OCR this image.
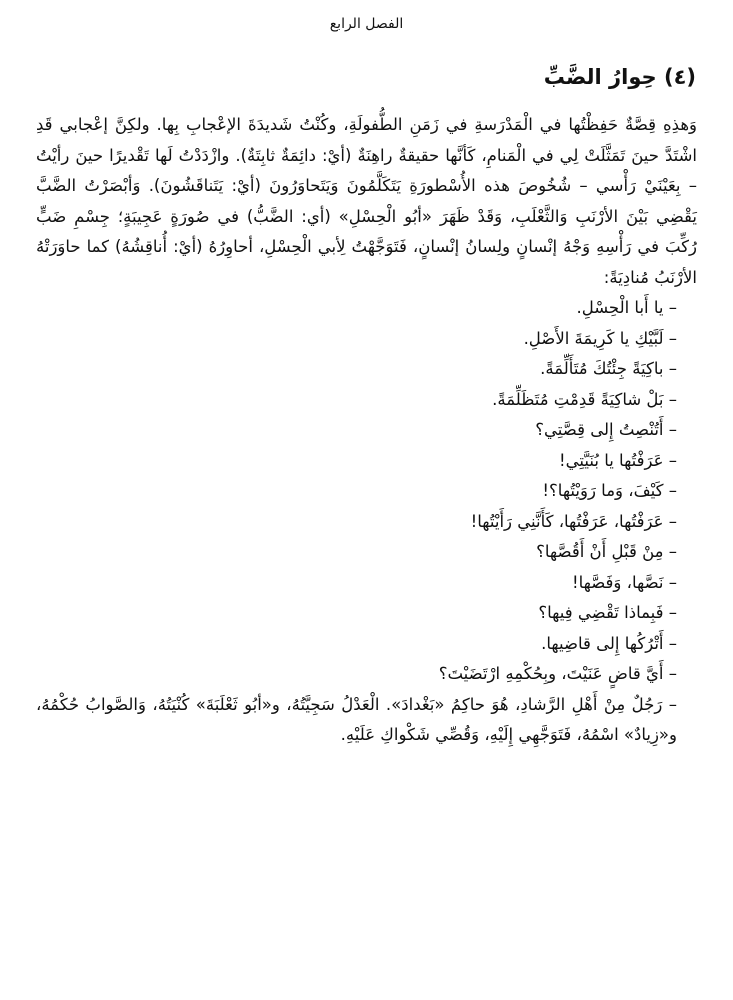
الفصل الرابع
(٤) حِوارُ الضَّبِّ

وَهذِهِ قِصَّةٌ حَفِظْتُها في الْمَدْرَسةِ في زَمَنِ الطُّفولَةِ، وكُنْتُ شَديدَةَ الإعْجابِ بِها. ولكِنَّ إعْجابي قَدِ اشْتَدَّ حينَ تَمَثَّلَتْ لِي في الْمَنامِ، كَأنَّها حقيقةٌ راهِنَةٌ (أيْ: دائِمَةٌ ثابِتَةٌ). وازْدَدْتُ لَها تَقْديرًا حينَ رأيْتُ – بِعَيْنَيْ رَأْسي – شُخُوصَ هذه الأُسْطورَةِ يَتَكَلَّمُونَ وَيَتَحاوَرُونَ (أيْ: يَتَناقَشُونَ). وَأبْصَرْتُ الضَّبَّ يَقْضِي بَيْنَ الأرْنَبِ وَالثَّعْلَبِ، وَقَدْ ظَهَرَ «أبُو الْحِسْلِ» (أي: الضَّبُّ) في صُورَةٍ عَجِيبَةٍ؛ جِسْمِ ضَبٍّ رُكِّبَ في رَأْسِهِ وَجْهُ إنْسانٍ ولِسانُ إنْسانٍ، فَتَوَجَّهْتُ لِأبي الْحِسْلِ، أحاوِرُهُ (أيْ: أُناقِشُهُ) كما حاوَرَتْهُ الأرْنَبُ مُنادِيَةً:

– يا أَبا الْحِسْلِ.
– لَبَّيْكِ يا كَرِيمَةَ الأَصْلِ.
– باكِيَةً جِئْتُكَ مُتَأَلِّمَةً.
– بَلْ شاكِيَةً قَدِمْتِ مُتَظَلِّمَةً.
– أَتُنْصِتُ إِلى قِصَّتِي؟
– عَرَفْتُها يا بُنَيَّتِي!
– كَيْفَ، وَما رَوَيْتُها؟!
– عَرَفْتُها، عَرَفْتُها، كَأَنَّنِي رَأَيْتُها!
– مِنْ قَبْلِ أَنْ أَقُصَّها؟
– نَصَّها، وَفَصَّها!
– فَبِماذا تَقْضِي فِيها؟
– أَتْرُكُها إِلى قاضِيها.
– أَيَّ قاضٍ عَنَيْتَ، وبِحُكْمِهِ ارْتَضَيْتَ؟
– رَجُلٌ مِنْ أَهْلِ الرَّشادِ، هُوَ حاكِمُ «بَغْدادَ». الْعَدْلُ سَجِيَّتُهُ، و«أبُو ثَعْلَبَةَ» كُنْيَتُهُ، وَالصَّوابُ حُكْمُهُ، و«زِيادٌ» اسْمُهُ، فَتَوَجَّهِي إِلَيْهِ، وَقُصِّي شَكْواكِ عَلَيْهِ.
